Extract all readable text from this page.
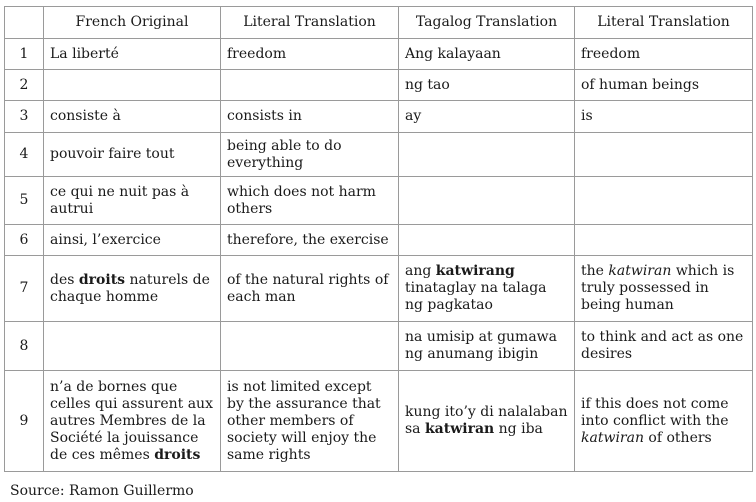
	French Original	Literal Translation	Tagalog Translation	Literal Translation
1	La liberté	freedom	Ang kalayaan	freedom
2			ng tao	of human beings
3	consiste à	consists in	ay	is
4	pouvoir faire tout	being able to do everything		
5	ce qui ne nuit pas à autrui	which does not harm others		
6	ainsi, l’exercice	therefore, the exercise		
7	des droits naturels de chaque homme	of the natural rights of each man	ang katwirang tinataglay na talaga ng pagkatao	the katwiran which is truly possessed in being human
8			na umisip at gumawa ng anumang ibigin	to think and act as one desires
9	n’a de bornes que celles qui assurent aux autres Membres de la Société la jouissance de ces mêmes droits	is not limited except by the assurance that other members of society will enjoy the same rights	kung ito’y di nalalaban sa katwiran ng iba	if this does not come into conflict with the katwiran of others
Source: Ramon Guillermo
